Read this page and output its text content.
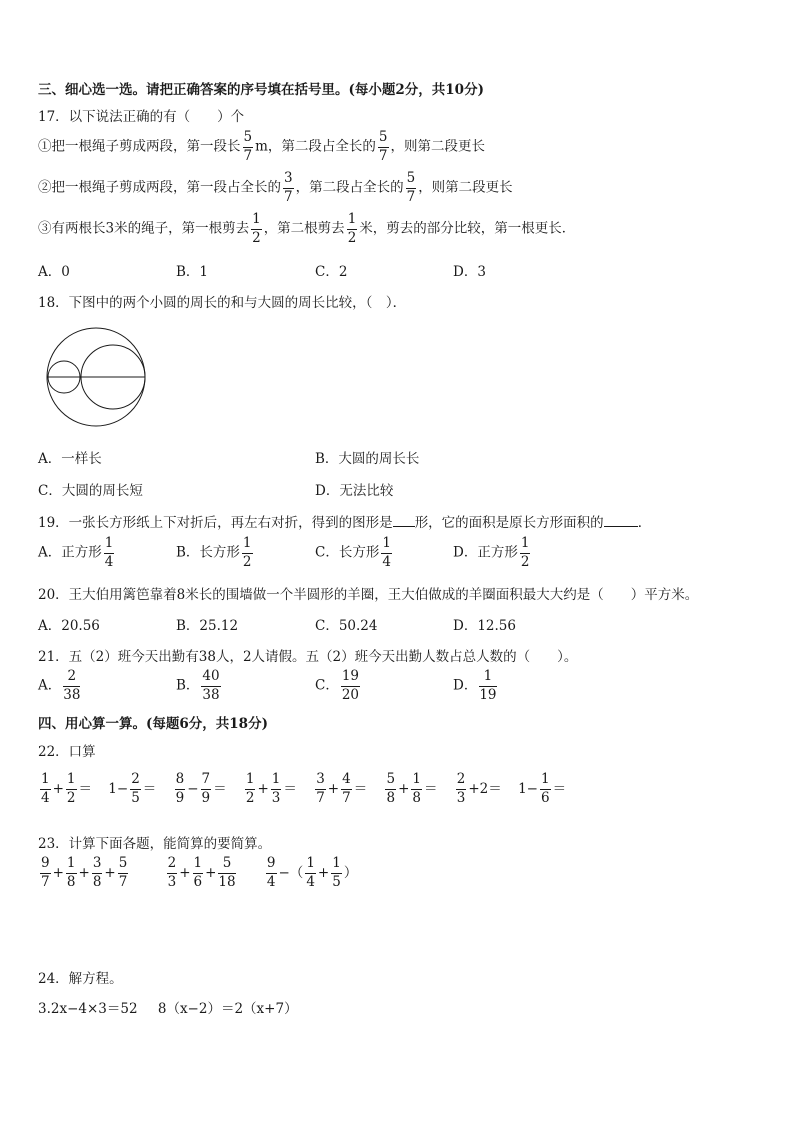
三、细心选一选。请把正确答案的序号填在括号里。(每小题2分，共10分)
17．以下说法正确的有（　　）个
①把一根绳子剪成两段，第一段长 $\frac{5}{7}$ m，第二段占全长的 $\frac{5}{7}$ ，则第二段更长
②把一根绳子剪成两段，第一段占全长的 $\frac{3}{7}$ ，第二段占全长的 $\frac{5}{7}$ ，则第二段更长
③有两根长3米的绳子，第一根剪去 $\frac{1}{2}$ ，第二根剪去 $\frac{1}{2}$ 米，剪去的部分比较，第一根更长．
A．0	B．1	C．2	D．3
18．下图中的两个小圆的周长的和与大圆的周长比较，（　）．
A．一样长	B．大圆的周长长
C．大圆的周长短	D．无法比较
19．一张长方形纸上下对折后，再左右对折，得到的图形是 形，它的面积是原长方形面积的	．
A．正方形 $\frac{1}{4}$	B．长方形 $\frac{1}{2}$	C．长方形 $\frac{1}{4}$	D．正方形 $\frac{1}{2}$
20．王大伯用篱笆靠着8米长的围墙做一个半圆形的羊圈，王大伯做成的羊圈面积最大大约是（　　）平方米。
A．20.56	B．25.12	C．50.24	D．12.56
21．五（2）班今天出勤有38人，2人请假。五（2）班今天出勤人数占总人数的（　　）。
A． $\frac{2}{38}$	B． $\frac{40}{38}$	C． $\frac{19}{20}$	D． $\frac{1}{19}$
四、用心算一算。(每题6分，共18分)
22．口算
$\frac{1}{4} + \frac{1}{2} = 1- \frac{2}{5} = \frac{8}{9} - \frac{7}{9} = \frac{1}{2} + \frac{1}{3} = \frac{3}{7} + \frac{4}{7} = \frac{5}{8} + \frac{1}{8} = \frac{2}{3} +2= 1- \frac{1}{6}$ ＝
23．计算下面各题，能简算的要简算。
$\frac{9}{7} + \frac{1}{8} + \frac{3}{8} + \frac{5}{7}$
	$\frac{2}{3} + \frac{1}{6} + \frac{5}{18}$
$\frac{9}{4}$ −（ $\frac{1}{4} + \frac{1}{5}$ ）
24．解方程。
3.2x−4×3＝52 8（x−2）＝2（x+7）
